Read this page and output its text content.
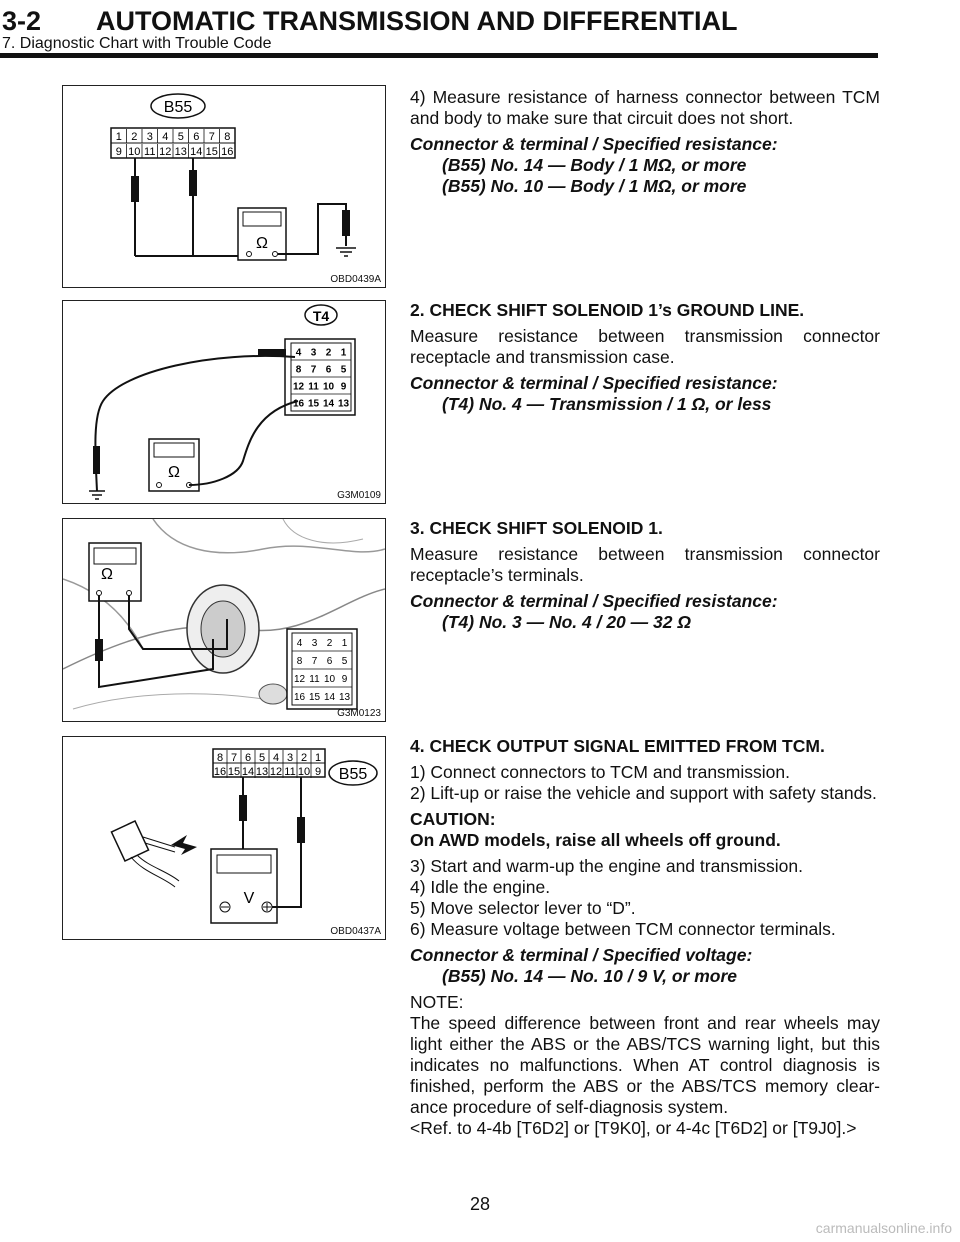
3-2 AUTOMATIC TRANSMISSION AND DIFFERENTIAL
7. Diagnostic Chart with Trouble Code
B55
1 2 3 4 5 6 7 8
9 10 11 12 13 14 15 16
Ω
OBD0439A
T4
4 3 2 1
8 7 6 5
12 11 10 9
16 15 14 13
Ω
G3M0109
Ω
4 3 2 1
8 7 6 5
12 11 10 9
16 15 14 13
G3M0123
8 7 6 5 4 3 2 1
16 15 14 13 12 11 10 9 B55
V
OBD0437A

4) Measure resistance of harness connector between TCM and body to make sure that circuit does not short.

Connector & terminal / Specified resistance:

(B55) No. 14 — Body / 1 MΩ, or more
(B55) No. 10 — Body / 1 MΩ, or more

2. CHECK SHIFT SOLENOID 1’s GROUND LINE.

Measure resistance between transmission connector receptacle and transmission case.

Connector & terminal / Specified resistance:

(T4) No. 4 — Transmission / 1 Ω, or less

3. CHECK SHIFT SOLENOID 1.

Measure resistance between transmission connector receptacle’s terminals.

Connector & terminal / Specified resistance:

(T4) No. 3 — No. 4 / 20 — 32 Ω

4. CHECK OUTPUT SIGNAL EMITTED FROM TCM.

1) Connect connectors to TCM and transmission.

2) Lift-up or raise the vehicle and support with safety stands.

CAUTION:

On AWD models, raise all wheels off ground.

3) Start and warm-up the engine and transmission.
4) Idle the engine.
5) Move selector lever to “D”.

6) Measure voltage between TCM connector terminals.

Connector & terminal / Specified voltage:

(B55) No. 14 — No. 10 / 9 V, or more

NOTE:
The speed difference between front and rear wheels may light either the ABS or the ABS/TCS warning light, but this indicates no malfunctions. When AT control diagnosis is finished, perform the ABS or the ABS/TCS memory clear-ance procedure of self-diagnosis system.
<Ref. to 4-4b [T6D2] or [T9K0], or 4-4c [T6D2] or [T9J0].>
28
carmanualsonline.info
